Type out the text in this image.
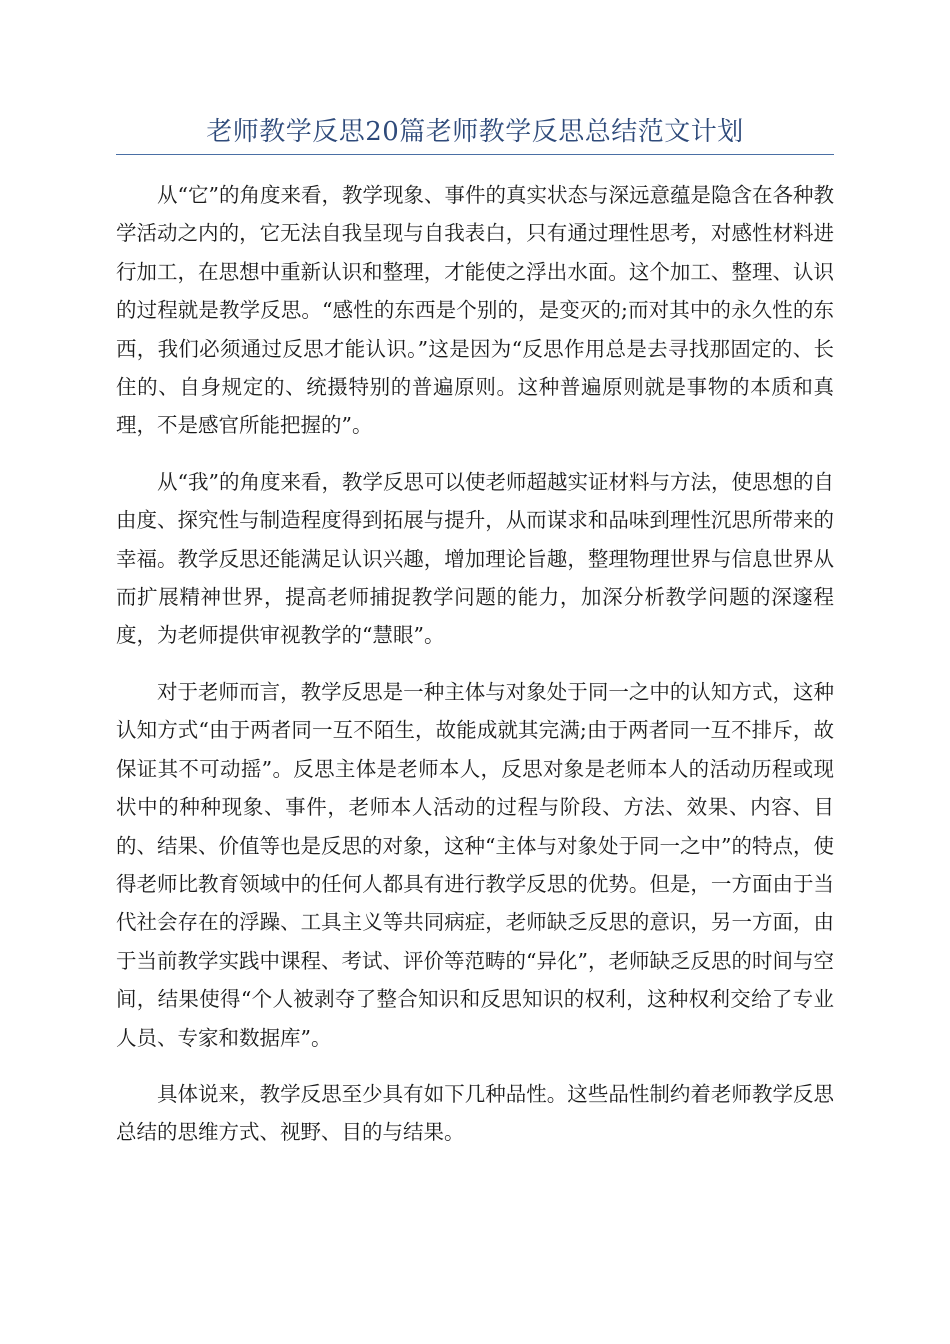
老师教学反思20篇老师教学反思总结范文计划

从“它”的角度来看，教学现象、事件的真实状态与深远意蕴是隐含在各种教学活动之内的，它无法自我呈现与自我表白，只有通过理性思考，对感性材料进行加工，在思想中重新认识和整理，才能使之浮出水面。这个加工、整理、认识的过程就是教学反思。“感性的东西是个别的，是变灭的;而对其中的永久性的东西，我们必须通过反思才能认识。”这是因为“反思作用总是去寻找那固定的、长住的、自身规定的、统摄特别的普遍原则。这种普遍原则就是事物的本质和真理，不是感官所能把握的”。

从“我”的角度来看，教学反思可以使老师超越实证材料与方法，使思想的自由度、探究性与制造程度得到拓展与提升，从而谋求和品味到理性沉思所带来的幸福。教学反思还能满足认识兴趣，增加理论旨趣，整理物理世界与信息世界从而扩展精神世界，提高老师捕捉教学问题的能力，加深分析教学问题的深邃程度，为老师提供审视教学的“慧眼”。

对于老师而言，教学反思是一种主体与对象处于同一之中的认知方式，这种认知方式“由于两者同一互不陌生，故能成就其完满;由于两者同一互不排斥，故保证其不可动摇”。反思主体是老师本人，反思对象是老师本人的活动历程或现状中的种种现象、事件，老师本人活动的过程与阶段、方法、效果、内容、目的、结果、价值等也是反思的对象，这种“主体与对象处于同一之中”的特点，使得老师比教育领域中的任何人都具有进行教学反思的优势。但是，一方面由于当代社会存在的浮躁、工具主义等共同病症，老师缺乏反思的意识，另一方面，由于当前教学实践中课程、考试、评价等范畴的“异化”，老师缺乏反思的时间与空间，结果使得“个人被剥夺了整合知识和反思知识的权利，这种权利交给了专业人员、专家和数据库”。

具体说来，教学反思至少具有如下几种品性。这些品性制约着老师教学反思总结的思维方式、视野、目的与结果。
